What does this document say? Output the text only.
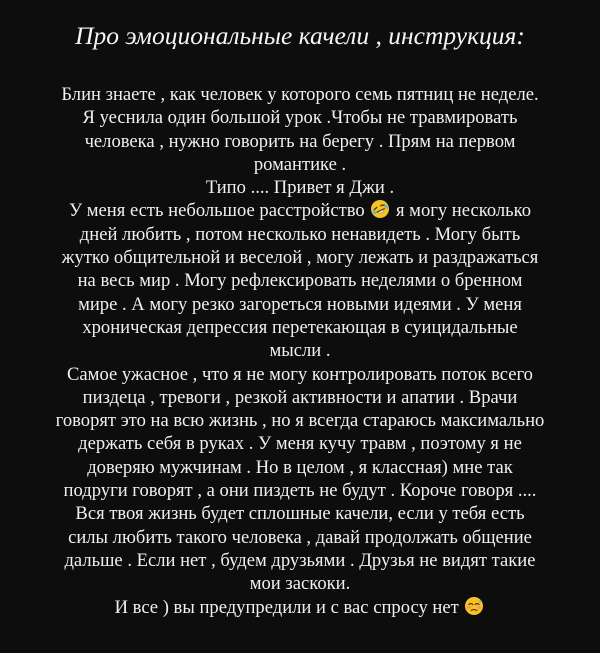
Про эмоциональные качели , инструкция:
Блин знаете , как человек у которого семь пятниц не неделе.
Я уеснила один большой урок .Чтобы не травмировать
человека , нужно говорить на берегу . Прям на первом
романтике .
Типо .... Привет я Джи .
У меня есть небольшое расстройство
я могу несколько
дней любить , потом несколько ненавидеть . Могу быть
жутко общительной и веселой , могу лежать и раздражаться
на весь мир . Могу рефлексировать неделями о бренном
мире . А могу резко загореться новыми идеями . У меня
хроническая депрессия перетекающая в суицидальные
мысли .
Самое ужасное , что я не могу контролировать поток всего
пиздеца , тревоги , резкой активности и апатии . Врачи
говорят это на всю жизнь , но я всегда стараюсь максимально
держать себя в руках . У меня кучу травм , поэтому я не
доверяю мужчинам . Но в целом , я классная) мне так
подруги говорят , а они пиздеть не будут . Короче говоря ....
Вся твоя жизнь будет сплошные качели, если у тебя есть
силы любить такого человека , давай продолжать общение
дальше . Если нет , будем друзьями . Друзья не видят такие
мои заскоки.
И все ) вы предупредили и с вас спросу нет
